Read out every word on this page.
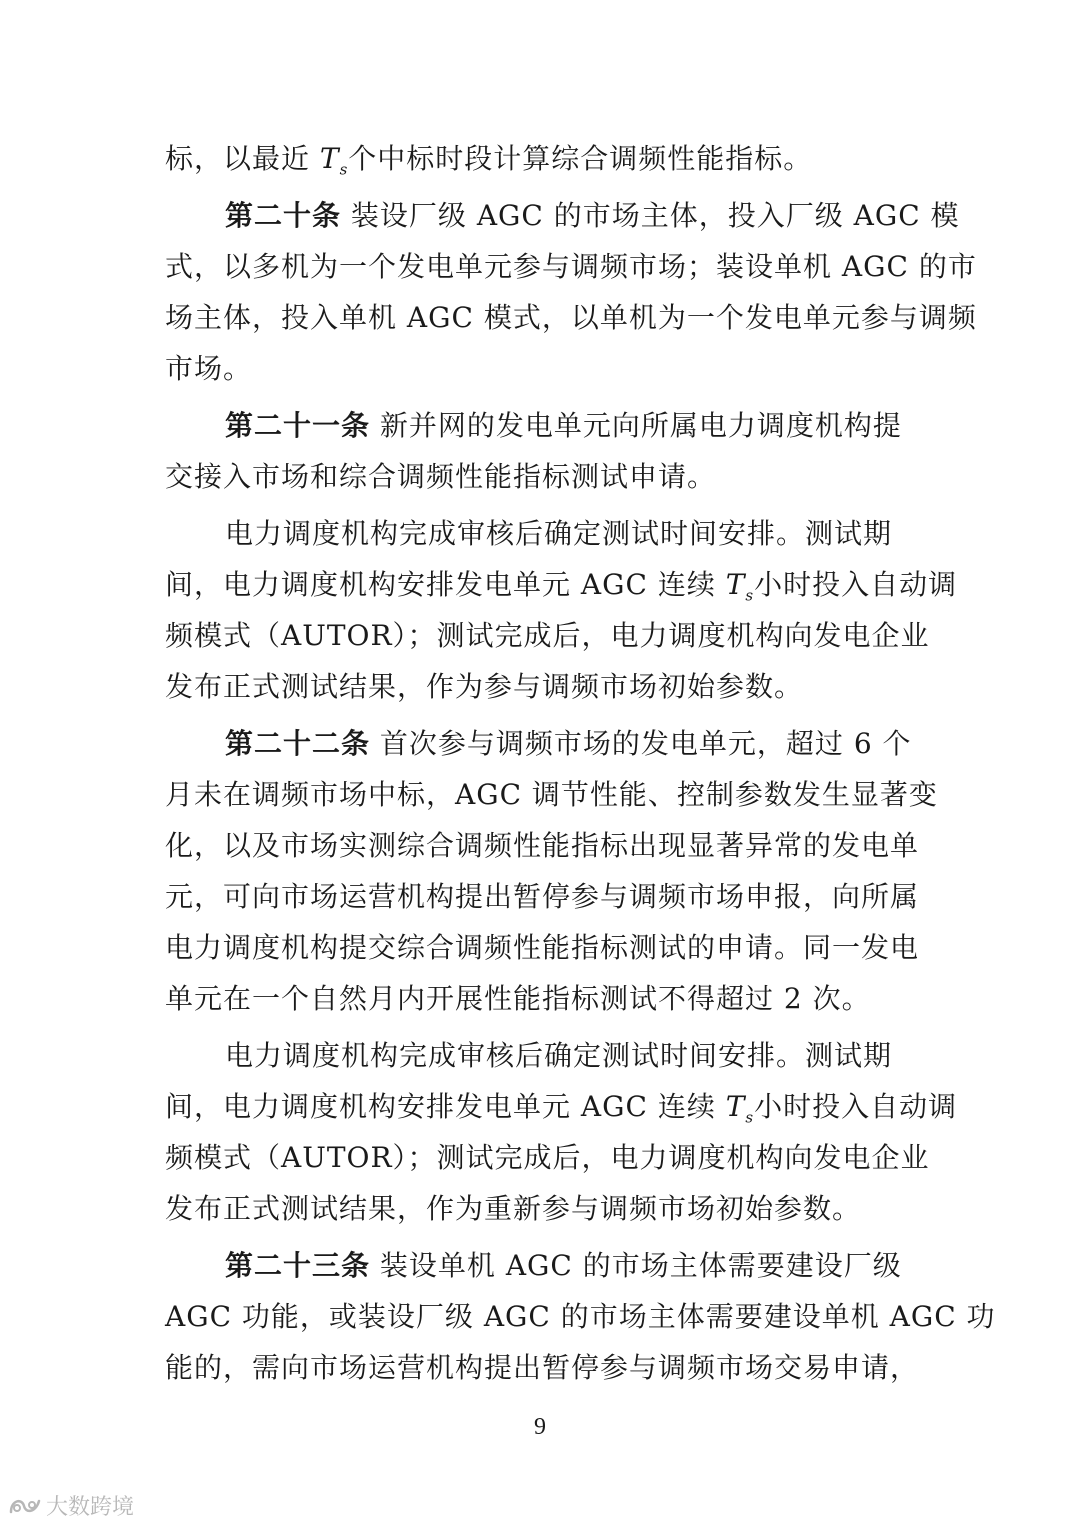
标，以最近 $T_s$个中标时段计算综合调频性能指标。
第二十条 装设厂级 AGC 的市场主体，投入厂级 AGC 模
式，以多机为一个发电单元参与调频市场；装设单机 AGC 的市
场主体，投入单机 AGC 模式，以单机为一个发电单元参与调频
市场。
第二十一条 新并网的发电单元向所属电力调度机构提
交接入市场和综合调频性能指标测试申请。
电力调度机构完成审核后确定测试时间安排。测试期
间，电力调度机构安排发电单元 AGC 连续 $T_s$小时投入自动调
频模式（AUTOR）；测试完成后，电力调度机构向发电企业
发布正式测试结果，作为参与调频市场初始参数。
第二十二条 首次参与调频市场的发电单元，超过 6 个
月未在调频市场中标，AGC 调节性能、控制参数发生显著变
化，以及市场实测综合调频性能指标出现显著异常的发电单
元，可向市场运营机构提出暂停参与调频市场申报，向所属
电力调度机构提交综合调频性能指标测试的申请。同一发电
单元在一个自然月内开展性能指标测试不得超过 2 次。
电力调度机构完成审核后确定测试时间安排。测试期
间，电力调度机构安排发电单元 AGC 连续 $T_s$小时投入自动调
频模式（AUTOR）；测试完成后，电力调度机构向发电企业
发布正式测试结果，作为重新参与调频市场初始参数。
第二十三条 装设单机 AGC 的市场主体需要建设厂级
AGC 功能，或装设厂级 AGC 的市场主体需要建设单机 AGC 功
能的，需向市场运营机构提出暂停参与调频市场交易申请，
9
大数跨境
